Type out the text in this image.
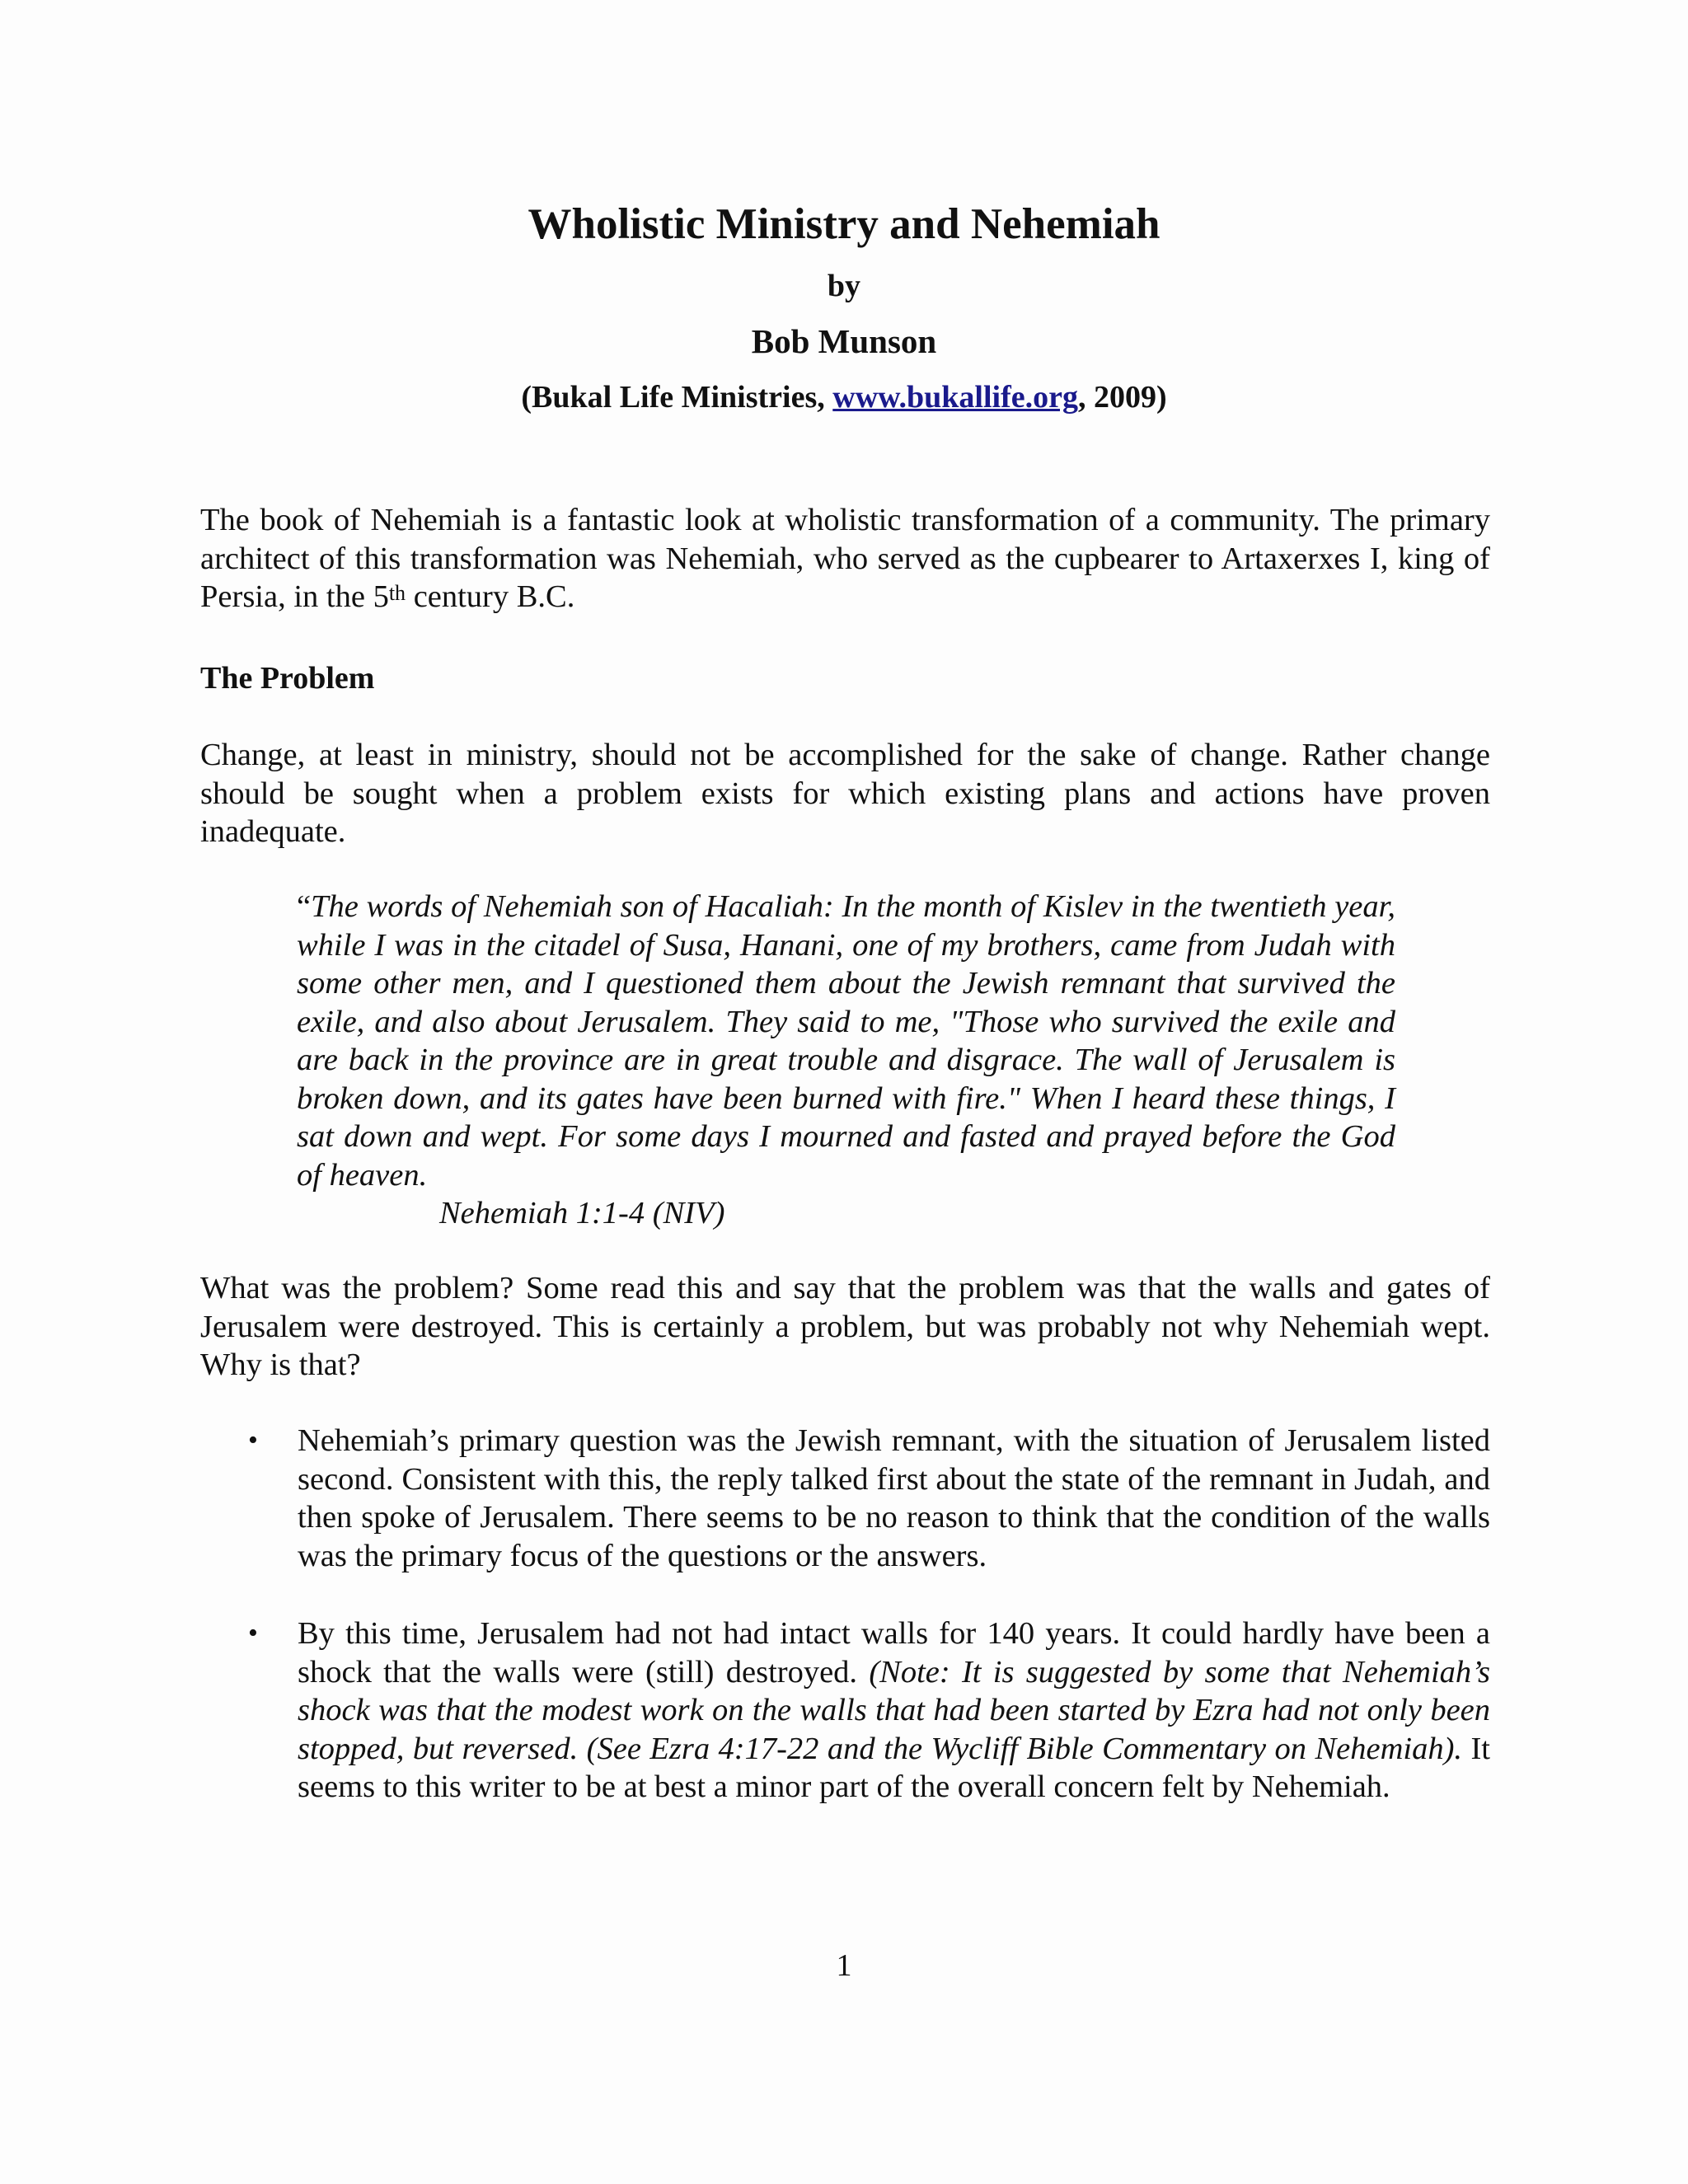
Wholistic Ministry and Nehemiah
by
Bob Munson
(Bukal Life Ministries, www.bukallife.org, 2009)
The book of Nehemiah is a fantastic look at wholistic transformation of a community. The primary architect of this transformation was Nehemiah, who served as the cupbearer to Artaxerxes I, king of Persia, in the 5th century B.C.
The Problem
Change, at least in ministry, should not be accomplished for the sake of change. Rather change should be sought when a problem exists for which existing plans and actions have proven inadequate.
“The words of Nehemiah son of Hacaliah: In the month of Kislev in the twentieth year, while I was in the citadel of Susa, Hanani, one of my brothers, came from Judah with some other men, and I questioned them about the Jewish remnant that survived the exile, and also about Jerusalem. They said to me, "Those who survived the exile and are back in the province are in great trouble and disgrace. The wall of Jerusalem is broken down, and its gates have been burned with fire." When I heard these things, I sat down and wept. For some days I mourned and fasted and prayed before the God of heaven.
Nehemiah 1:1-4 (NIV)
What was the problem? Some read this and say that the problem was that the walls and gates of Jerusalem were destroyed. This is certainly a problem, but was probably not why Nehemiah wept. Why is that?
• Nehemiah’s primary question was the Jewish remnant, with the situation of Jerusalem listed second. Consistent with this, the reply talked first about the state of the remnant in Judah, and then spoke of Jerusalem. There seems to be no reason to think that the condition of the walls was the primary focus of the questions or the answers.
• By this time, Jerusalem had not had intact walls for 140 years. It could hardly have been a shock that the walls were (still) destroyed. (Note: It is suggested by some that Nehemiah’s shock was that the modest work on the walls that had been started by Ezra had not only been stopped, but reversed. (See Ezra 4:17-22 and the Wycliff Bible Commentary on Nehemiah). It seems to this writer to be at best a minor part of the overall concern felt by Nehemiah.
1
